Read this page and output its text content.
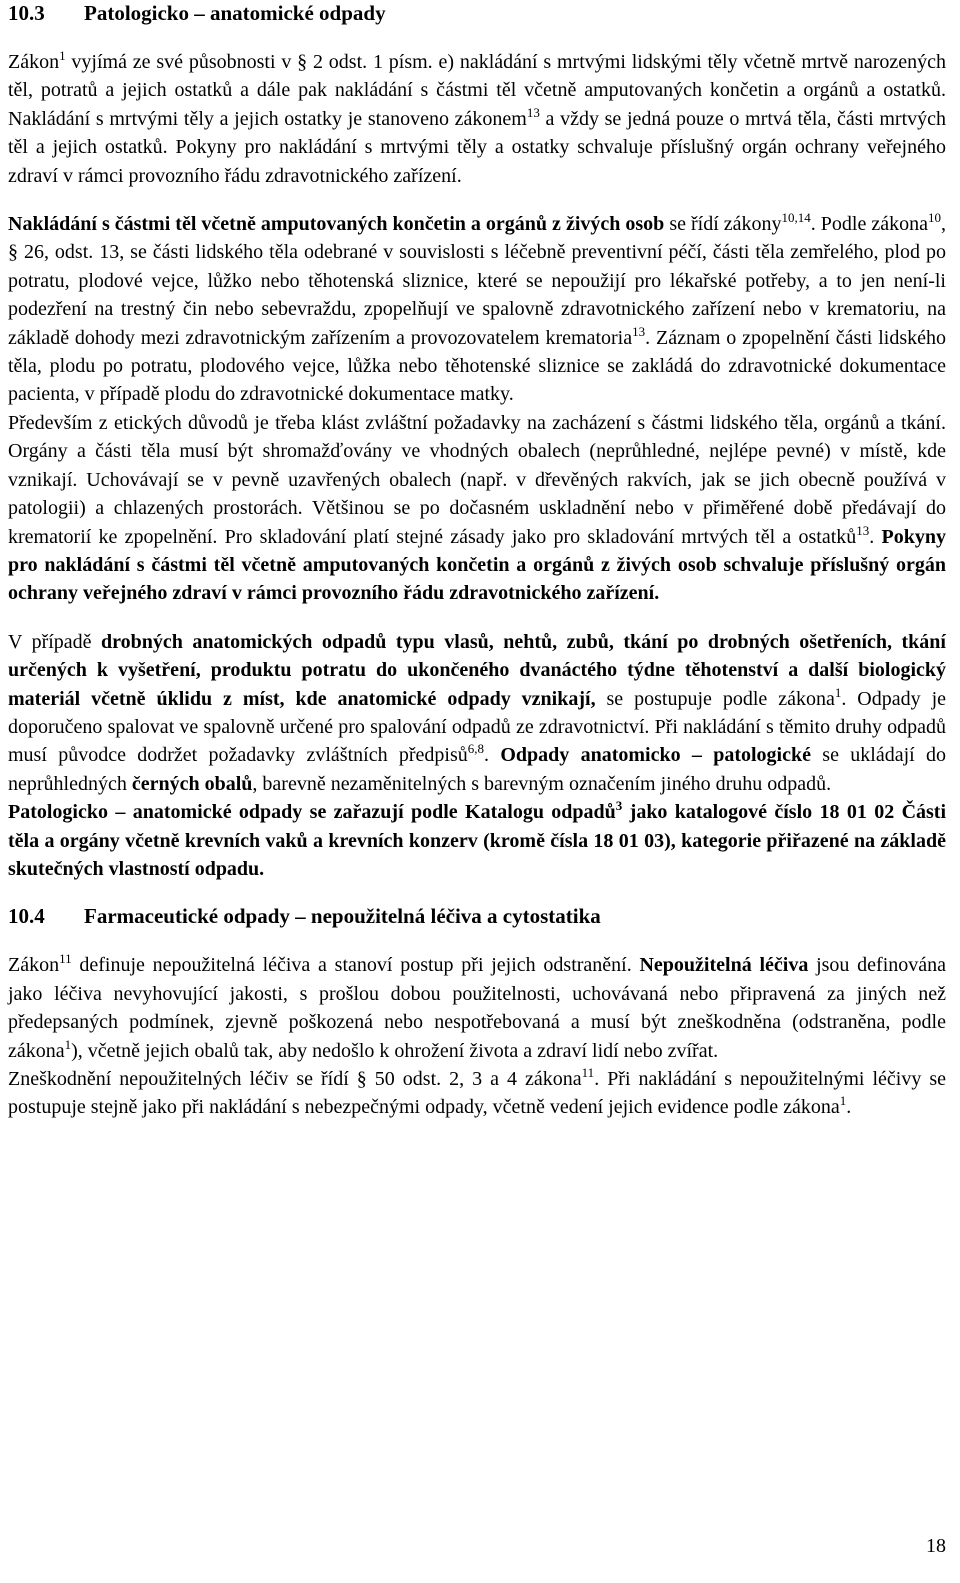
10.3 Patologicko – anatomické odpady

Zákon$^1$ vyjímá ze své působnosti v § 2 odst. 1 písm. e) nakládání s mrtvými lidskými těly včetně mrtvě narozených těl, potratů a jejich ostatků a dále pak nakládání s částmi těl včetně amputovaných končetin a orgánů a ostatků. Nakládání s mrtvými těly a jejich ostatky je stanoveno zákonem$^{13}$ a vždy se jedná pouze o mrtvá těla, části mrtvých těl a jejich ostatků. Pokyny pro nakládání s mrtvými těly a ostatky schvaluje příslušný orgán ochrany veřejného zdraví v rámci provozního řádu zdravotnického zařízení.

Nakládání s částmi těl včetně amputovaných končetin a orgánů z živých osob se řídí zákony$^{10,14}$. Podle zákona$^{10}$, § 26, odst. 13, se části lidského těla odebrané v souvislosti s léčebně preventivní péčí, části těla zemřelého, plod po potratu, plodové vejce, lůžko nebo těhotenská sliznice, které se nepoužijí pro lékařské potřeby, a to jen není-li podezření na trestný čin nebo sebevraždu, zpopelňují ve spalovně zdravotnického zařízení nebo v krematoriu, na základě dohody mezi zdravotnickým zařízením a provozovatelem krematoria$^{13}$. Záznam o zpopelnění části lidského těla, plodu po potratu, plodového vejce, lůžka nebo těhotenské sliznice se zakládá do zdravotnické dokumentace pacienta, v případě plodu do zdravotnické dokumentace matky.

Především z etických důvodů je třeba klást zvláštní požadavky na zacházení s částmi lidského těla, orgánů a tkání. Orgány a části těla musí být shromažďovány ve vhodných obalech (neprůhledné, nejlépe pevné) v místě, kde vznikají. Uchovávají se v pevně uzavřených obalech (např. v dřevěných rakvích, jak se jich obecně používá v patologii) a chlazených prostorách. Většinou se po dočasném uskladnění nebo v přiměřené době předávají do krematorií ke zpopelnění. Pro skladování platí stejné zásady jako pro skladování mrtvých těl a ostatků$^{13}$. Pokyny pro nakládání s částmi těl včetně amputovaných končetin a orgánů z živých osob schvaluje příslušný orgán ochrany veřejného zdraví v rámci provozního řádu zdravotnického zařízení.

V případě drobných anatomických odpadů typu vlasů, nehtů, zubů, tkání po drobných ošetřeních, tkání určených k vyšetření, produktu potratu do ukončeného dvanáctého týdne těhotenství a další biologický materiál včetně úklidu z míst, kde anatomické odpady vznikají, se postupuje podle zákona$^1$. Odpady je doporučeno spalovat ve spalovně určené pro spalování odpadů ze zdravotnictví. Při nakládání s těmito druhy odpadů musí původce dodržet požadavky zvláštních předpisů$^{6,8}$. Odpady anatomicko – patologické se ukládají do neprůhledných černých obalů, barevně nezaměnitelných s barevným označením jiného druhu odpadů.

Patologicko – anatomické odpady se zařazují podle Katalogu odpadů$^3$ jako katalogové číslo 18 01 02 Části těla a orgány včetně krevních vaků a krevních konzerv (kromě čísla 18 01 03), kategorie přiřazené na základě skutečných vlastností odpadu.

10.4 Farmaceutické odpady – nepoužitelná léčiva a cytostatika

Zákon$^{11}$ definuje nepoužitelná léčiva a stanoví postup při jejich odstranění. Nepoužitelná léčiva jsou definována jako léčiva nevyhovující jakosti, s prošlou dobou použitelnosti, uchovávaná nebo připravená za jiných než předepsaných podmínek, zjevně poškozená nebo nespotřebovaná a musí být zneškodněna (odstraněna, podle zákona$^1$), včetně jejich obalů tak, aby nedošlo k ohrožení života a zdraví lidí nebo zvířat.

Zneškodnění nepoužitelných léčiv se řídí § 50 odst. 2, 3 a 4 zákona$^{11}$. Při nakládání s nepoužitelnými léčivy se postupuje stejně jako při nakládání s nebezpečnými odpady, včetně vedení jejich evidence podle zákona$^1$.

18
